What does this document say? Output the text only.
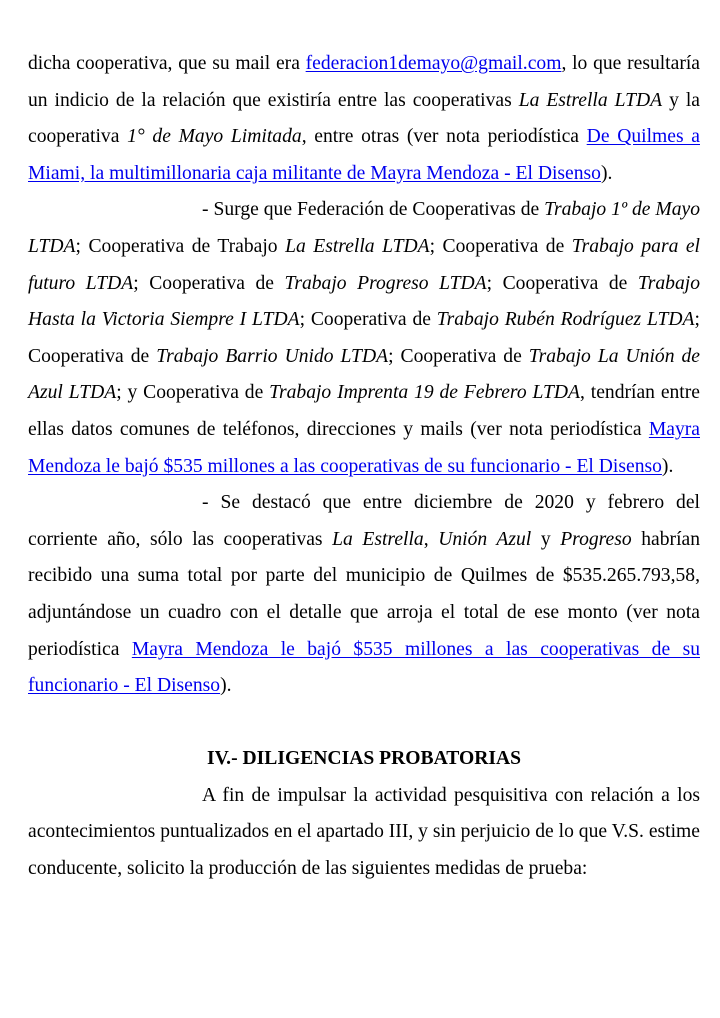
dicha cooperativa, que su mail era federacion1demayo@gmail.com, lo que resultaría un indicio de la relación que existiría entre las cooperativas La Estrella LTDA y la cooperativa 1° de Mayo Limitada, entre otras (ver nota periodística De Quilmes a Miami, la multimillonaria caja militante de Mayra Mendoza - El Disenso).

- Surge que Federación de Cooperativas de Trabajo 1º de Mayo LTDA; Cooperativa de Trabajo La Estrella LTDA; Cooperativa de Trabajo para el futuro LTDA; Cooperativa de Trabajo Progreso LTDA; Cooperativa de Trabajo Hasta la Victoria Siempre I LTDA; Cooperativa de Trabajo Rubén Rodríguez LTDA; Cooperativa de Trabajo Barrio Unido LTDA; Cooperativa de Trabajo La Unión de Azul LTDA; y Cooperativa de Trabajo Imprenta 19 de Febrero LTDA, tendrían entre ellas datos comunes de teléfonos, direcciones y mails (ver nota periodística Mayra Mendoza le bajó $535 millones a las cooperativas de su funcionario - El Disenso).

- Se destacó que entre diciembre de 2020 y febrero del corriente año, sólo las cooperativas La Estrella, Unión Azul y Progreso habrían recibido una suma total por parte del municipio de Quilmes de $535.265.793,58, adjuntándose un cuadro con el detalle que arroja el total de ese monto (ver nota periodística Mayra Mendoza le bajó $535 millones a las cooperativas de su funcionario - El Disenso).

IV.- DILIGENCIAS PROBATORIAS

A fin de impulsar la actividad pesquisitiva con relación a los acontecimientos puntualizados en el apartado III, y sin perjuicio de lo que V.S. estime conducente, solicito la producción de las siguientes medidas de prueba:
